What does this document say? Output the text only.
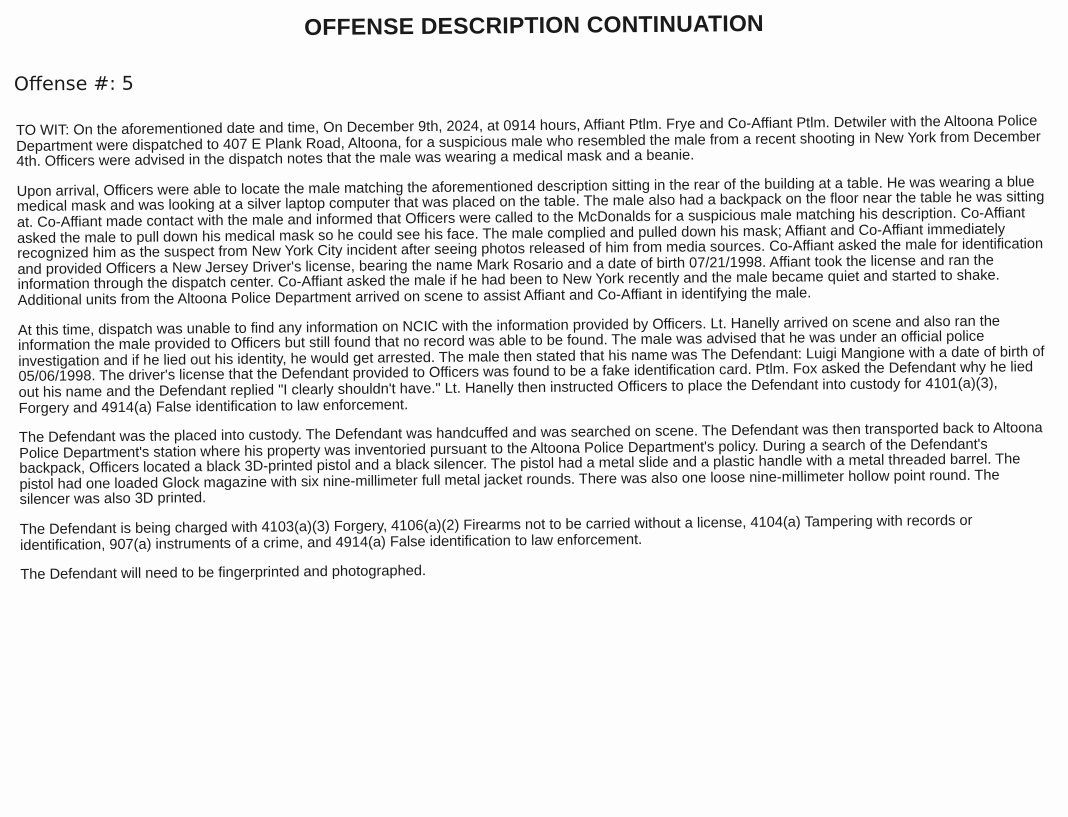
OFFENSE DESCRIPTION CONTINUATION
Offense #: 5

TO WIT: On the aforementioned date and time, On December 9th, 2024, at 0914 hours, Affiant Ptlm. Frye and Co-Affiant Ptlm. Detwiler with the Altoona Police Department were dispatched to 407 E Plank Road, Altoona, for a suspicious male who resembled the male from a recent shooting in New York from December 4th. Officers were advised in the dispatch notes that the male was wearing a medical mask and a beanie.

Upon arrival, Officers were able to locate the male matching the aforementioned description sitting in the rear of the building at a table. He was wearing a blue medical mask and was looking at a silver laptop computer that was placed on the table. The male also had a backpack on the floor near the table he was sitting at. Co-Affiant made contact with the male and informed that Officers were called to the McDonalds for a suspicious male matching his description. Co-Affiant asked the male to pull down his medical mask so he could see his face. The male complied and pulled down his mask; Affiant and Co-Affiant immediately recognized him as the suspect from New York City incident after seeing photos released of him from media sources. Co-Affiant asked the male for identification and provided Officers a New Jersey Driver's license, bearing the name Mark Rosario and a date of birth 07/21/1998. Affiant took the license and ran the information through the dispatch center. Co-Affiant asked the male if he had been to New York recently and the male became quiet and started to shake. Additional units from the Altoona Police Department arrived on scene to assist Affiant and Co-Affiant in identifying the male.

At this time, dispatch was unable to find any information on NCIC with the information provided by Officers. Lt. Hanelly arrived on scene and also ran the information the male provided to Officers but still found that no record was able to be found. The male was advised that he was under an official police investigation and if he lied out his identity, he would get arrested. The male then stated that his name was The Defendant: Luigi Mangione with a date of birth of 05/06/1998. The driver's license that the Defendant provided to Officers was found to be a fake identification card. Ptlm. Fox asked the Defendant why he lied out his name and the Defendant replied "I clearly shouldn't have." Lt. Hanelly then instructed Officers to place the Defendant into custody for 4101(a)(3), Forgery and 4914(a) False identification to law enforcement.

The Defendant was the placed into custody. The Defendant was handcuffed and was searched on scene. The Defendant was then transported back to Altoona Police Department's station where his property was inventoried pursuant to the Altoona Police Department's policy. During a search of the Defendant's backpack, Officers located a black 3D-printed pistol and a black silencer. The pistol had a metal slide and a plastic handle with a metal threaded barrel. The pistol had one loaded Glock magazine with six nine-millimeter full metal jacket rounds. There was also one loose nine-millimeter hollow point round. The silencer was also 3D printed.

The Defendant is being charged with 4103(a)(3) Forgery, 4106(a)(2) Firearms not to be carried without a license, 4104(a) Tampering with records or identification, 907(a) instruments of a crime, and 4914(a) False identification to law enforcement.

The Defendant will need to be fingerprinted and photographed.
